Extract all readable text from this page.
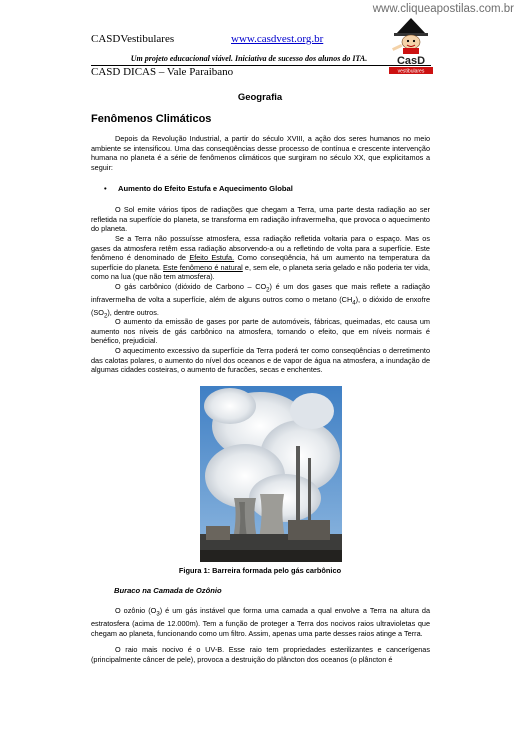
www.cliqueapostilas.com.br
CASDVestibulares	www.casdvest.org.br
CasD
vestibulares
Um projeto educacional viável. Iniciativa de sucesso dos alunos do ITA.
CASD DICAS – Vale Paraibano
Geografia
Fenômenos Climáticos

Depois da Revolução Industrial, a partir do século XVIII, a ação dos seres humanos no meio ambiente se intensificou. Uma das conseqüências desse processo de contínua e crescente intervenção humana no planeta é a série de fenômenos climáticos que surgiram no século XX, que explicitamos a seguir:

• Aumento do Efeito Estufa e Aquecimento Global

O Sol emite vários tipos de radiações que chegam a Terra, uma parte desta radiação ao ser refletida na superfície do planeta, se transforma em radiação infravermelha, que provoca o aquecimento do planeta.

Se a Terra não possuísse atmosfera, essa radiação refletida voltaria para o espaço. Mas os gases da atmosfera retêm essa radiação absorvendo-a ou a refletindo de volta para a superfície. Este fenômeno é denominado de Efeito Estufa. Como conseqüência, há um aumento na temperatura da superfície do planeta. Este fenômeno é natural e, sem ele, o planeta seria gelado e não poderia ter vida, como na lua (que não tem atmosfera).

O gás carbônico (dióxido de Carbono – $CO_2$) é um dos gases que mais reflete a radiação infravermelha de volta a superfície, além de alguns outros como o metano $(CH_4)$, o dióxido de enxofre $(SO_2)$, dentre outros.

O aumento da emissão de gases por parte de automóveis, fábricas, queimadas, etc causa um aumento nos níveis de gás carbônico na atmosfera, tornando o efeito, que em níveis normais é benéfico, prejudicial.

O aquecimento excessivo da superfície da Terra poderá ter como conseqüências o derretimento das calotas polares, o aumento do nível dos oceanos e de vapor de água na atmosfera, a inundação de algumas cidades costeiras, o aumento de furacões, secas e enchentes.

Figura 1: Barreira formada pelo gás carbônico
Buraco na Camada de Ozônio

O ozônio $(O_3)$ é um gás instável que forma uma camada a qual envolve a Terra na altura da estratosfera (acima de 12.000m). Tem a função de proteger a Terra dos nocivos raios ultravioletas que chegam ao planeta, funcionando como um filtro. Assim, apenas uma parte desses raios atinge a Terra.

O raio mais nocivo é o UV-B. Esse raio tem propriedades esterilizantes e cancerígenas (principalmente câncer de pele), provoca a destruição do plâncton dos oceanos (o plâncton é
